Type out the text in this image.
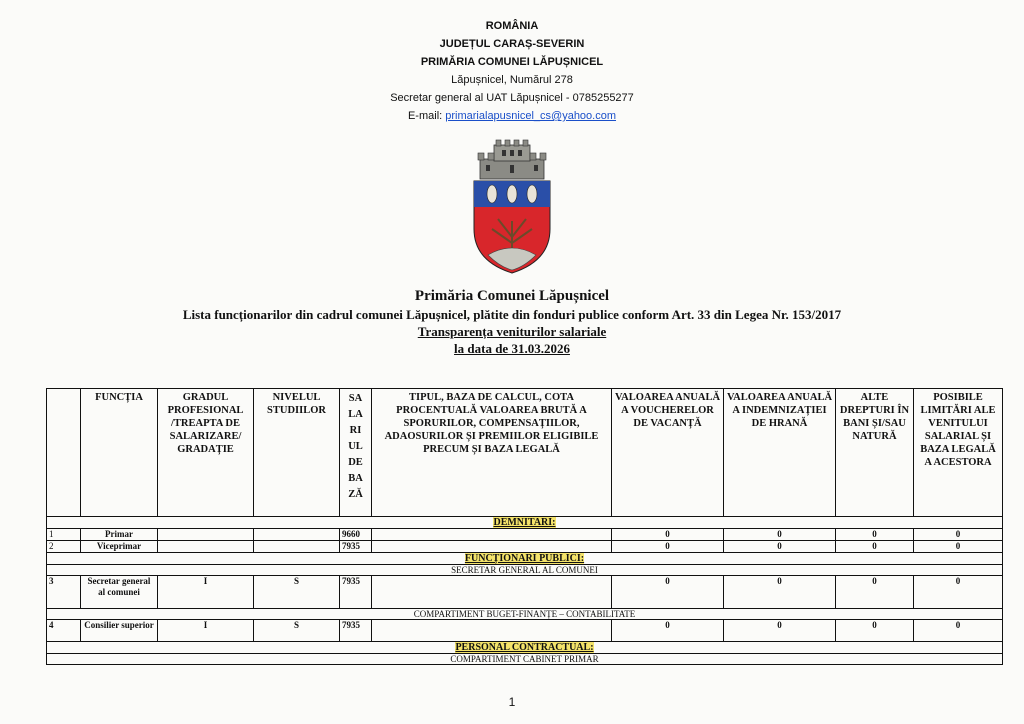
ROMÂNIA
JUDEȚUL CARAȘ-SEVERIN
PRIMĂRIA COMUNEI LĂPUȘNICEL
Lăpușnicel, Numărul 278
Secretar general al UAT Lăpușnicel - 0785255277
E-mail: primarialapusnicel_cs@yahoo.com
Primăria Comunei Lăpușnicel
Lista funcționarilor din cadrul comunei Lăpușnicel, plătite din fonduri publice conform Art. 33 din Legea Nr. 153/2017
Transparența veniturilor salariale
la data de 31.03.2026
	FUNCȚIA	GRADUL PROFESIONAL /TREAPTA DE SALARIZARE/ GRADAȚIE	NIVELUL STUDIILOR	SA LA RI UL DE BA ZĂ	TIPUL, BAZA DE CALCUL, COTA PROCENTUALĂ VALOAREA BRUTĂ A SPORURILOR, COMPENSAȚIILOR, ADAOSURILOR ȘI PREMIILOR ELIGIBILE PRECUM ȘI BAZA LEGALĂ	VALOAREA ANUALĂ A VOUCHERELOR DE VACANȚĂ	VALOAREA ANUALĂ A INDEMNIZAȚIEI DE HRANĂ	ALTE DREPTURI ÎN BANI ȘI/SAU NATURĂ	POSIBILE LIMITĂRI ALE VENITULUI SALARIAL ȘI BAZA LEGALĂ A ACESTORA
DEMNITARI:									
1	Primar			9660		0	0	0	0
2	Viceprimar			7935		0	0	0	0
FUNCȚIONARI PUBLICI:									
SECRETAR GENERAL AL COMUNEI									
3	Secretar general al comunei	I	S	7935		0	0	0	0
COMPARTIMENT BUGET-FINANȚE – CONTABILITATE									
4	Consilier superior	I	S	7935		0	0	0	0
PERSONAL CONTRACTUAL:									
COMPARTIMENT CABINET PRIMAR									
1
